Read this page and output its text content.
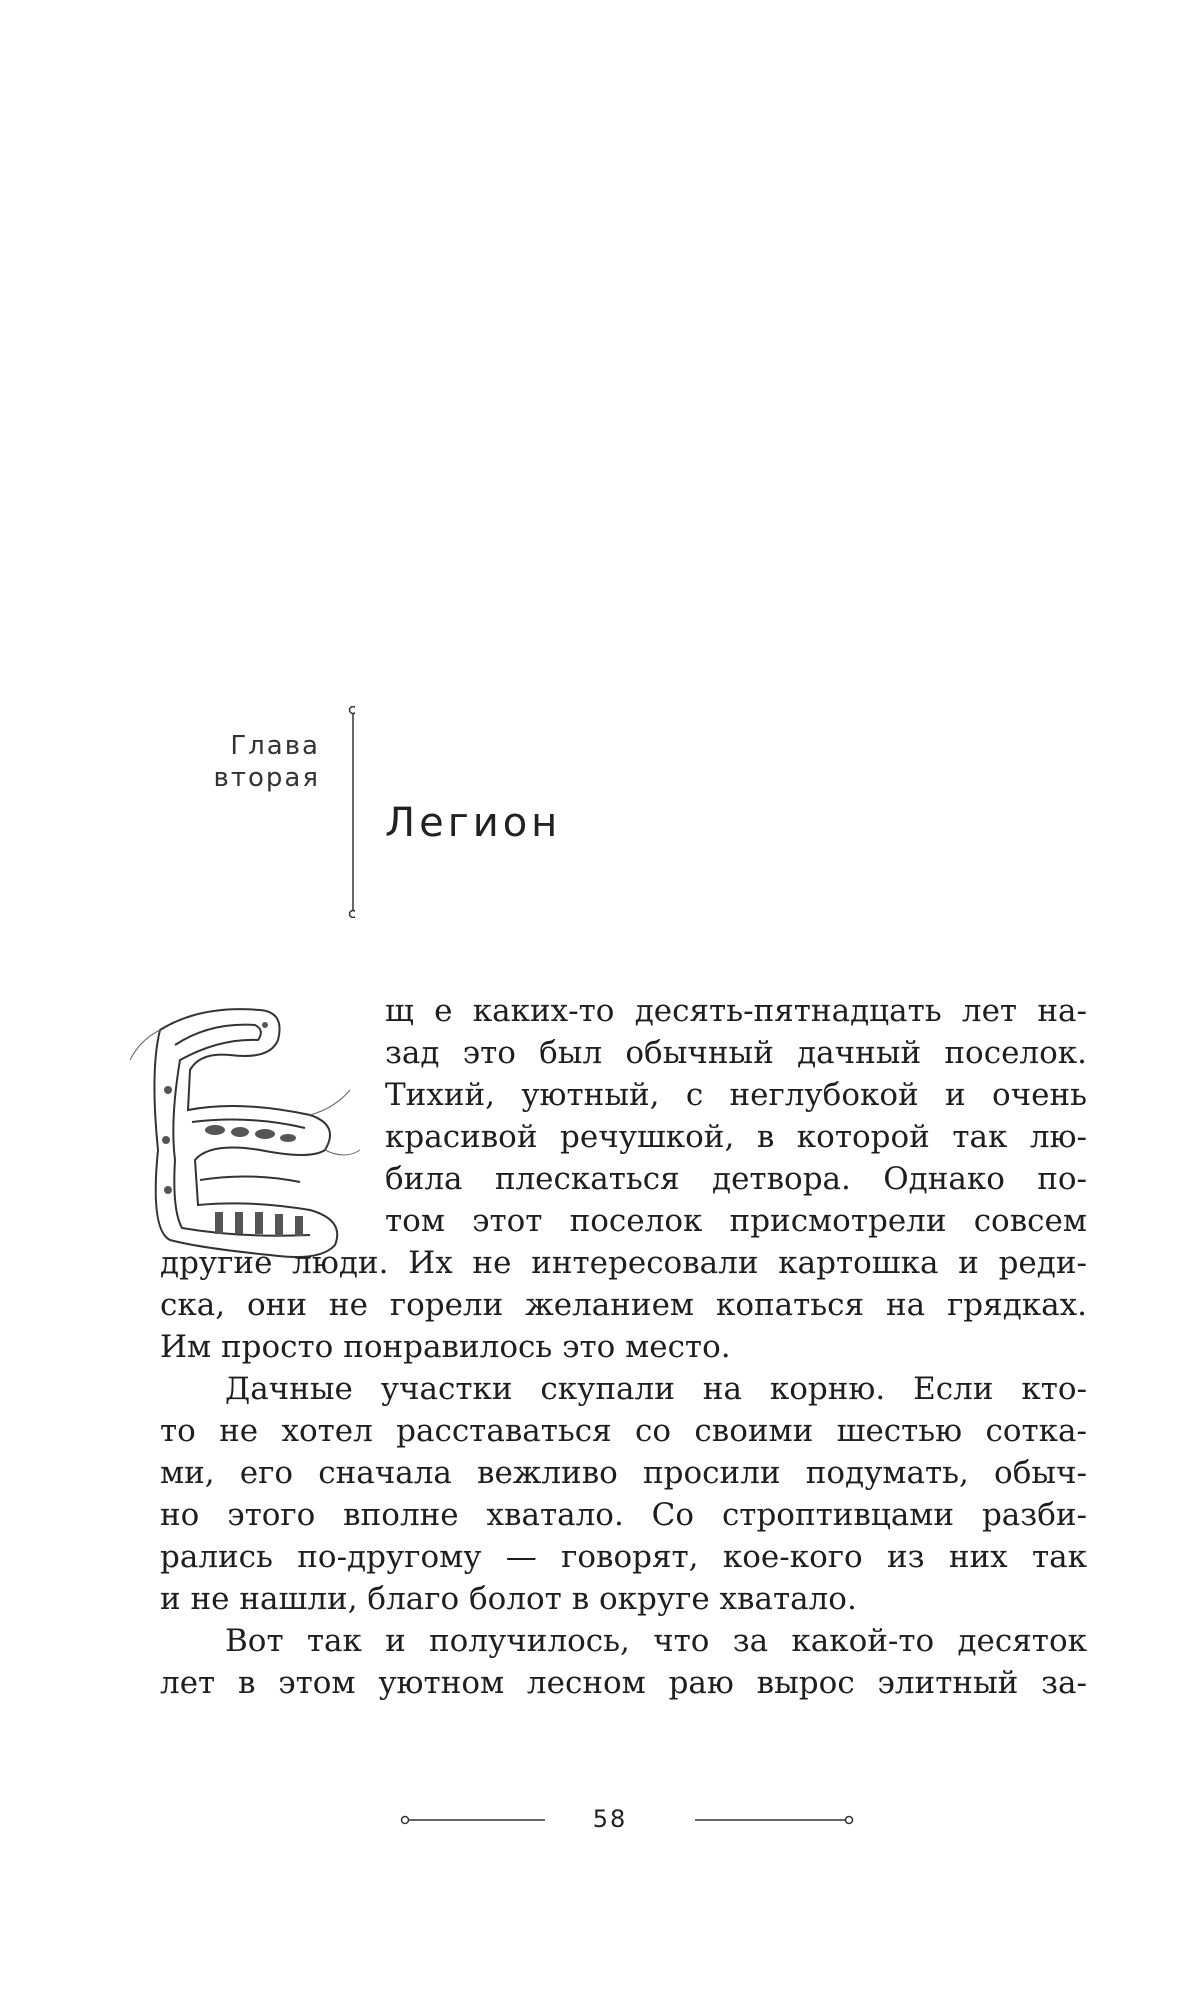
Глава
вторая
Легион
щ е каких-то десять-пятнадцать лет на-
зад это был обычный дачный поселок.
Тихий, уютный, с неглубокой и очень
красивой речушкой, в которой так лю-
била плескаться детвора. Однако по-
том этот поселок присмотрели совсем
другие люди. Их не интересовали картошка и реди-
ска, они не горели желанием копаться на грядках.
Им просто понравилось это место.
Дачные участки скупали на корню. Если кто-
то не хотел расставаться со своими шестью сотка-
ми, его сначала вежливо просили подумать, обыч-
но этого вполне хватало. Со строптивцами разби-
рались по-другому — говорят, кое-кого из них так
и не нашли, благо болот в округе хватало.
Вот так и получилось, что за какой-то десяток
лет в этом уютном лесном раю вырос элитный за-
58
